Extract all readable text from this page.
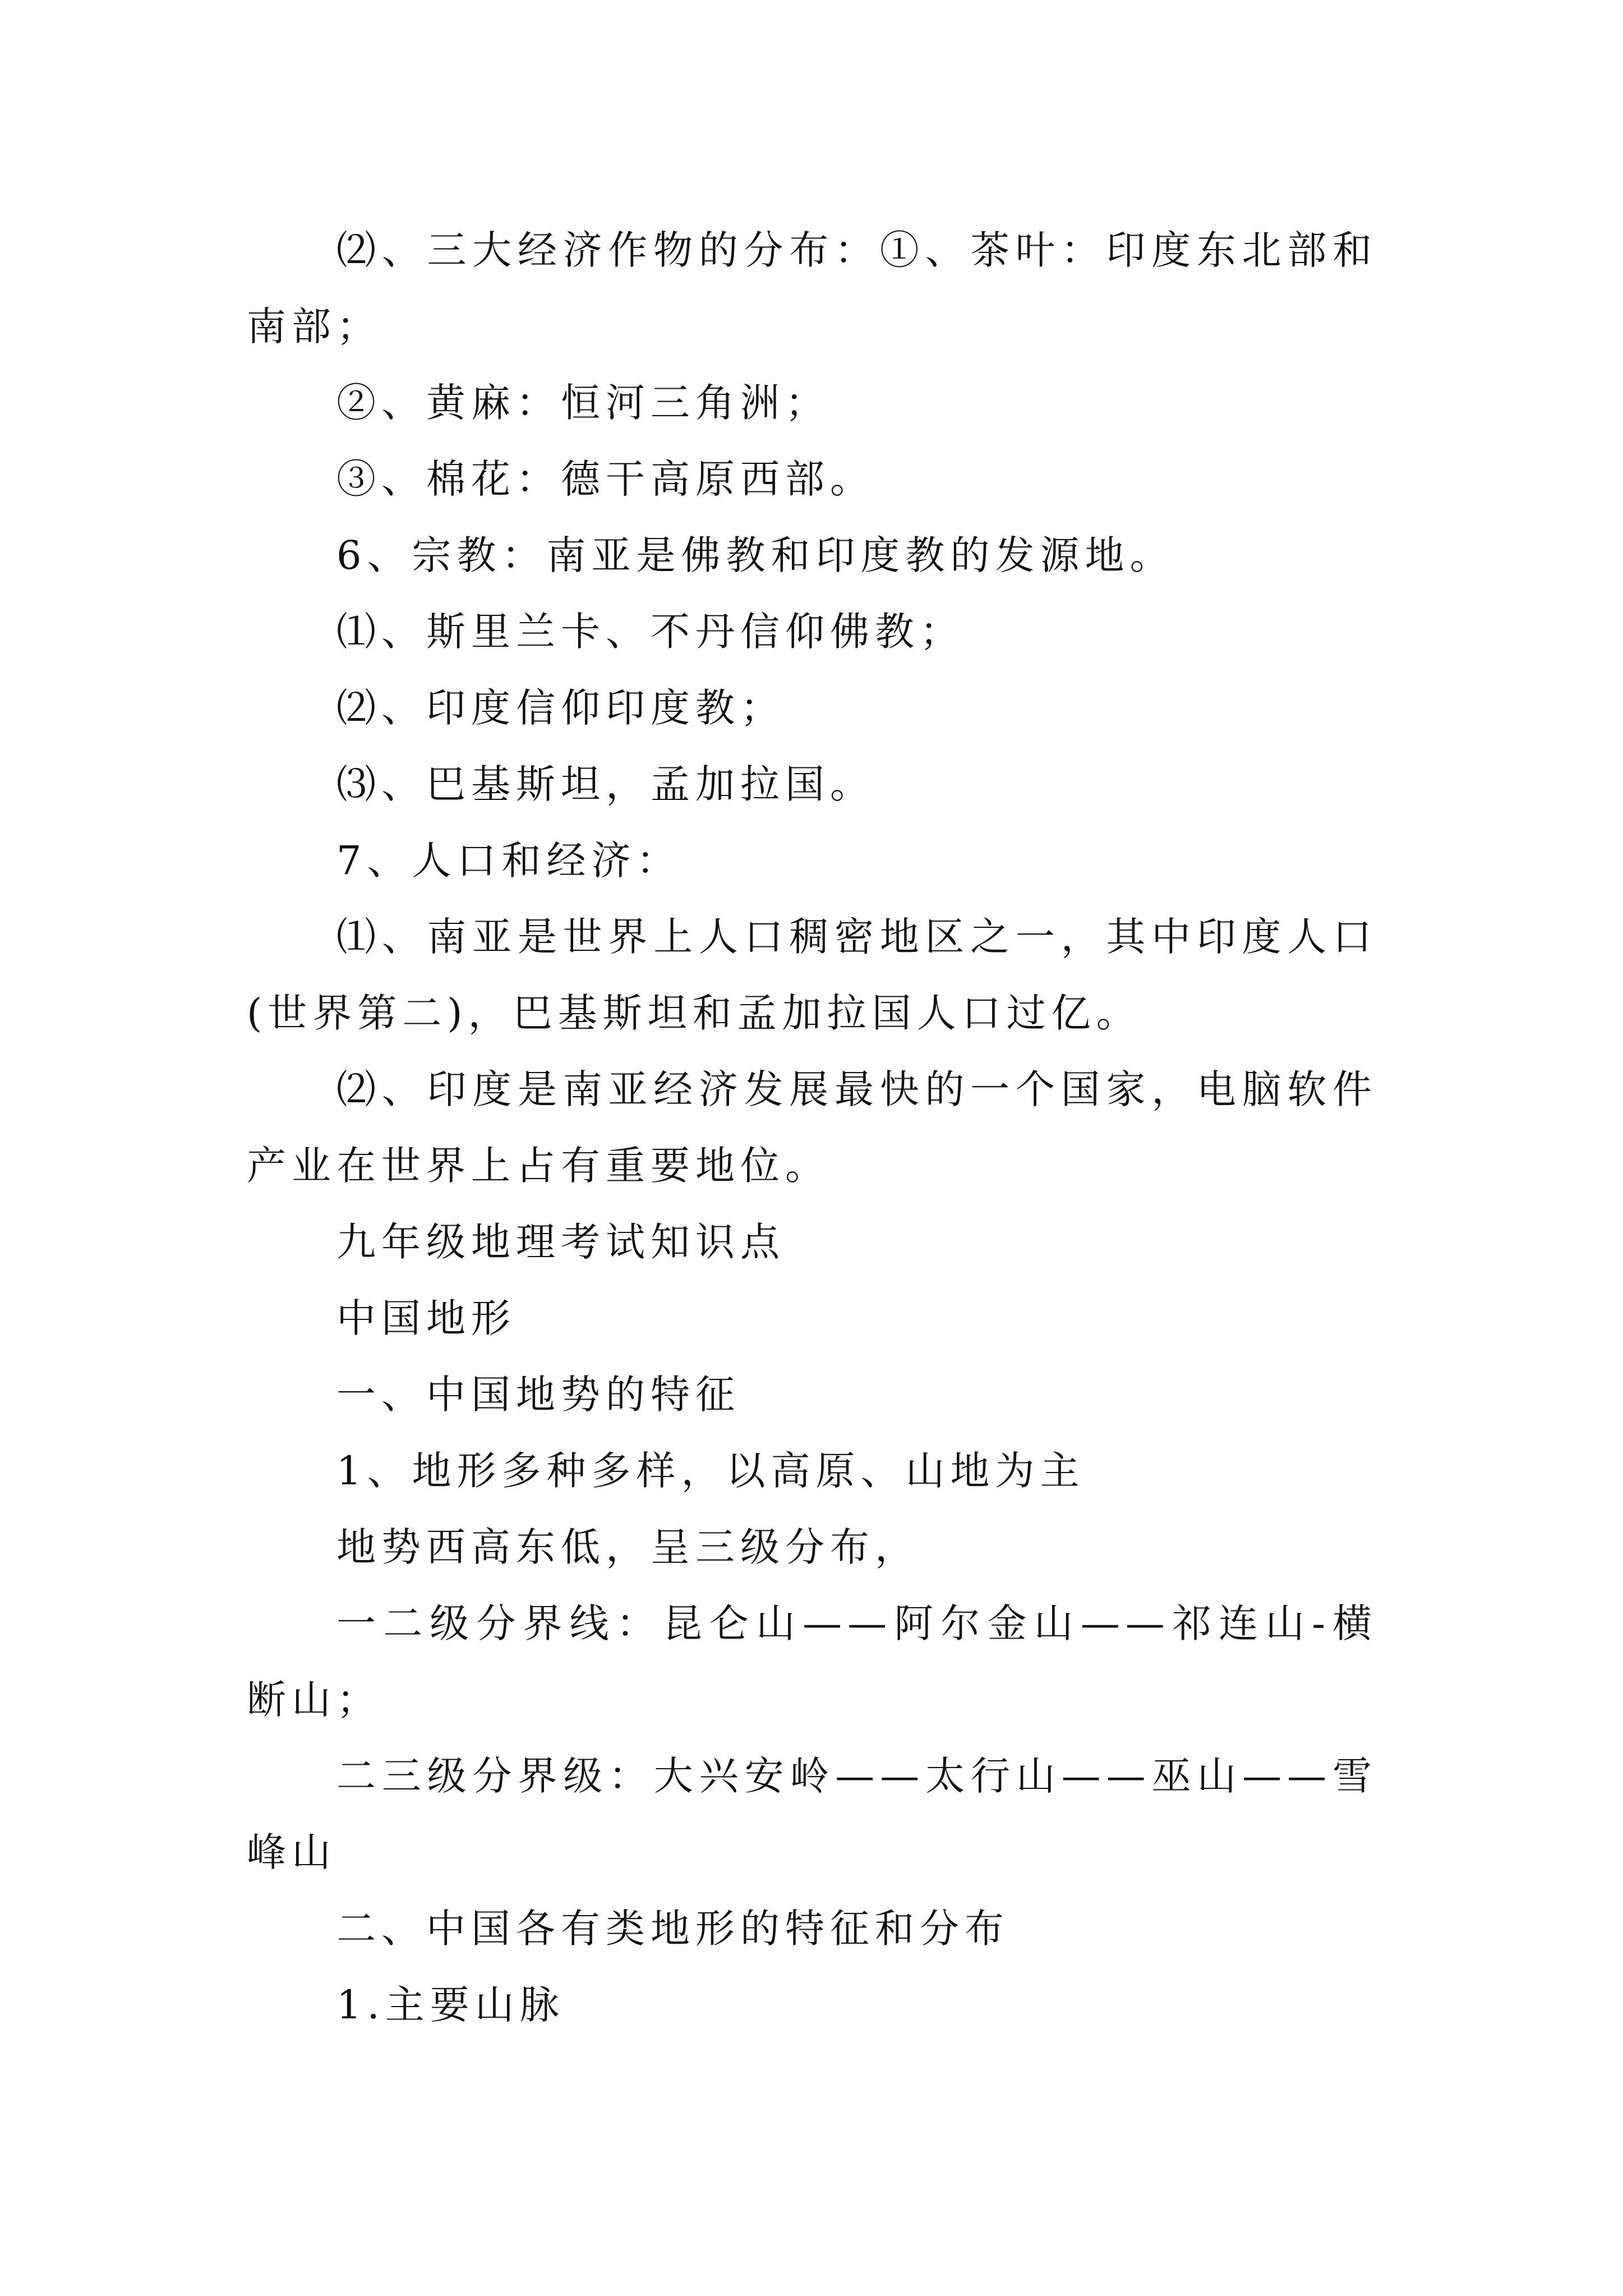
⑵、三大经济作物的分布：①、茶叶：印度东北部和南部；

②、黄麻：恒河三角洲；

③、棉花：德干高原西部。

6、宗教：南亚是佛教和印度教的发源地。

⑴、斯里兰卡、不丹信仰佛教；

⑵、印度信仰印度教；

⑶、巴基斯坦，孟加拉国。

7、人口和经济：

⑴、南亚是世界上人口稠密地区之一，其中印度人口(世界第二)，巴基斯坦和孟加拉国人口过亿。

⑵、印度是南亚经济发展最快的一个国家，电脑软件产业在世界上占有重要地位。

九年级地理考试知识点

中国地形

一、中国地势的特征

1、地形多种多样，以高原、山地为主

地势西高东低，呈三级分布，

一二级分界线：昆仑山——阿尔金山——祁连山-横断山；

二三级分界级：大兴安岭——太行山——巫山——雪峰山

二、中国各有类地形的特征和分布

1.主要山脉
